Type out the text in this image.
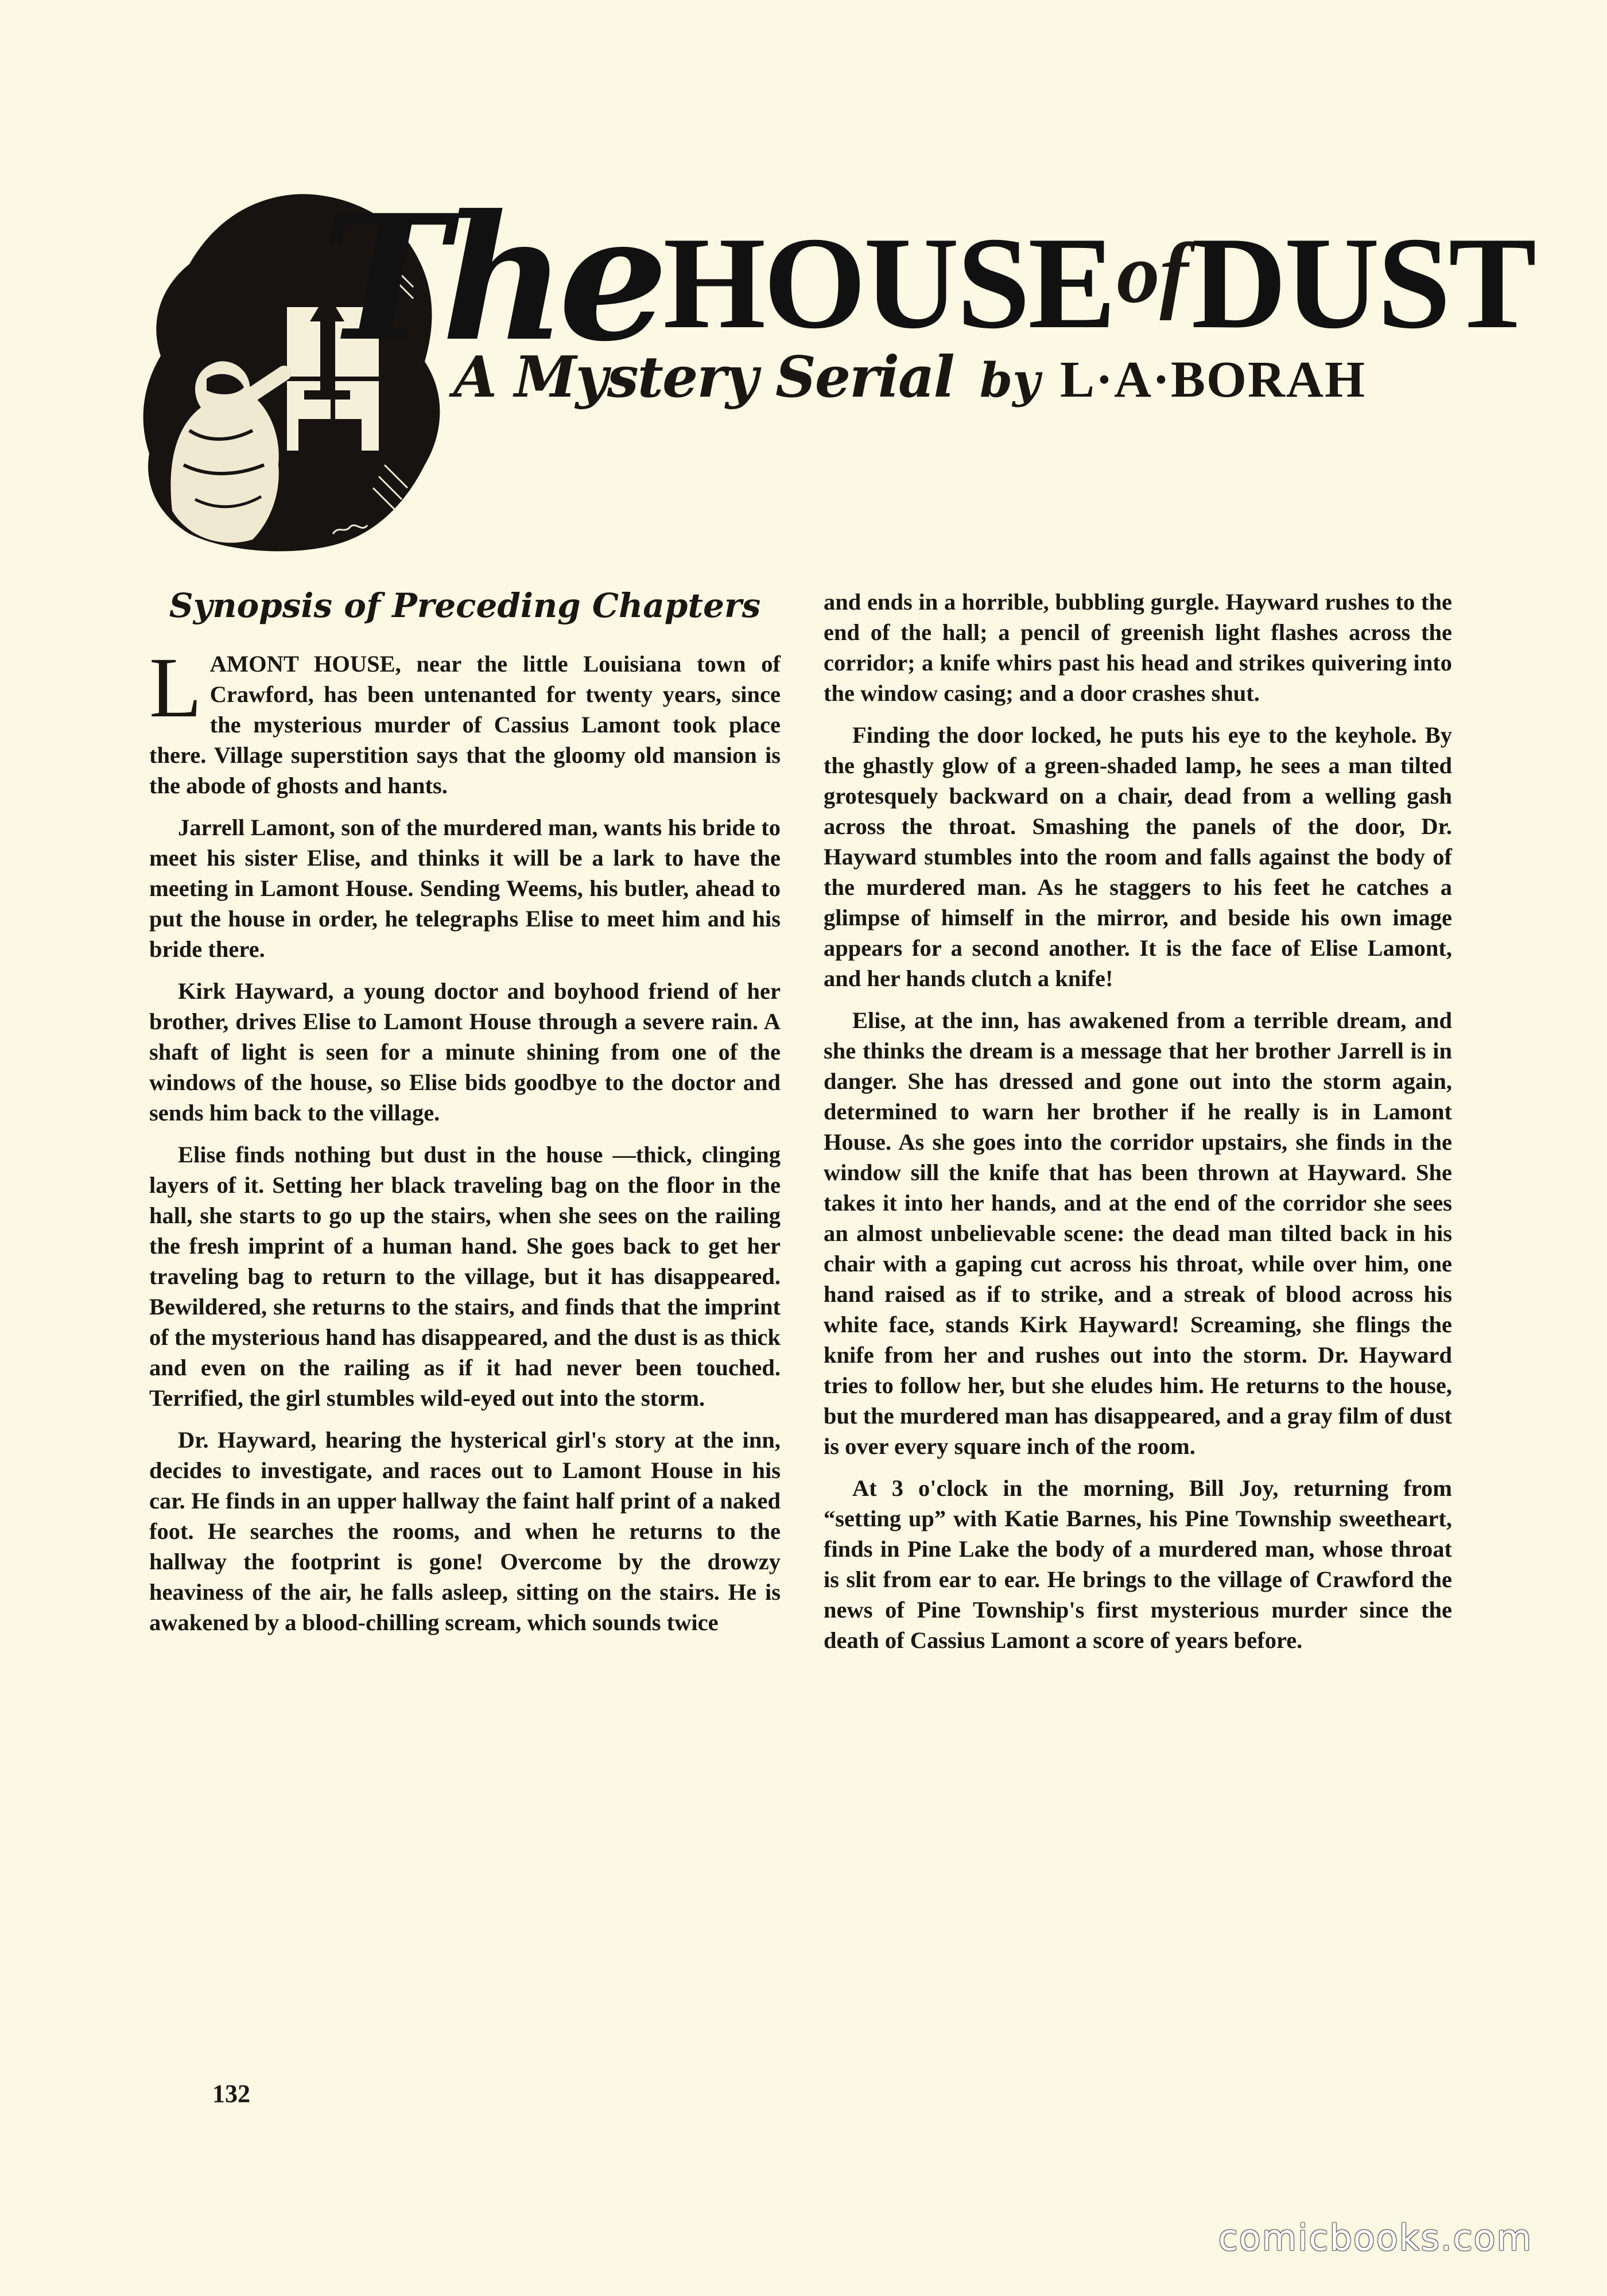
The HOUSE of DUST
A Mystery Serial by L·A·BORAH
Synopsis of Preceding Chapters

LAMONT HOUSE, near the little Louisiana town of Crawford, has been untenanted for twenty years, since the mysterious murder of Cassius Lamont took place there. Village superstition says that the gloomy old mansion is the abode of ghosts and hants.

Jarrell Lamont, son of the murdered man, wants his bride to meet his sister Elise, and thinks it will be a lark to have the meeting in Lamont House. Sending Weems, his butler, ahead to put the house in order, he telegraphs Elise to meet him and his bride there.

Kirk Hayward, a young doctor and boyhood friend of her brother, drives Elise to Lamont House through a severe rain. A shaft of light is seen for a minute shining from one of the windows of the house, so Elise bids goodbye to the doctor and sends him back to the village.

Elise finds nothing but dust in the house —thick, clinging layers of it. Setting her black traveling bag on the floor in the hall, she starts to go up the stairs, when she sees on the railing the fresh imprint of a human hand. She goes back to get her traveling bag to return to the village, but it has disappeared. Bewildered, she returns to the stairs, and finds that the imprint of the mysterious hand has disappeared, and the dust is as thick and even on the railing as if it had never been touched. Terrified, the girl stumbles wild-eyed out into the storm.

Dr. Hayward, hearing the hysterical girl's story at the inn, decides to investigate, and races out to Lamont House in his car. He finds in an upper hallway the faint half print of a naked foot. He searches the rooms, and when he returns to the hallway the footprint is gone! Overcome by the drowzy heaviness of the air, he falls asleep, sitting on the stairs. He is awakened by a blood-chilling scream, which sounds twice

and ends in a horrible, bubbling gurgle. Hayward rushes to the end of the hall; a pencil of greenish light flashes across the corridor; a knife whirs past his head and strikes quivering into the window casing; and a door crashes shut.

Finding the door locked, he puts his eye to the keyhole. By the ghastly glow of a green-shaded lamp, he sees a man tilted grotesquely backward on a chair, dead from a welling gash across the throat. Smashing the panels of the door, Dr. Hayward stumbles into the room and falls against the body of the murdered man. As he staggers to his feet he catches a glimpse of himself in the mirror, and beside his own image appears for a second another. It is the face of Elise Lamont, and her hands clutch a knife!

Elise, at the inn, has awakened from a terrible dream, and she thinks the dream is a message that her brother Jarrell is in danger. She has dressed and gone out into the storm again, determined to warn her brother if he really is in Lamont House. As she goes into the corridor upstairs, she finds in the window sill the knife that has been thrown at Hayward. She takes it into her hands, and at the end of the corridor she sees an almost unbelievable scene: the dead man tilted back in his chair with a gaping cut across his throat, while over him, one hand raised as if to strike, and a streak of blood across his white face, stands Kirk Hayward! Screaming, she flings the knife from her and rushes out into the storm. Dr. Hayward tries to follow her, but she eludes him. He returns to the house, but the murdered man has disappeared, and a gray film of dust is over every square inch of the room.

At 3 o'clock in the morning, Bill Joy, returning from “setting up” with Katie Barnes, his Pine Township sweetheart, finds in Pine Lake the body of a murdered man, whose throat is slit from ear to ear. He brings to the village of Crawford the news of Pine Township's first mysterious murder since the death of Cassius Lamont a score of years before.

132
comicbooks.com
